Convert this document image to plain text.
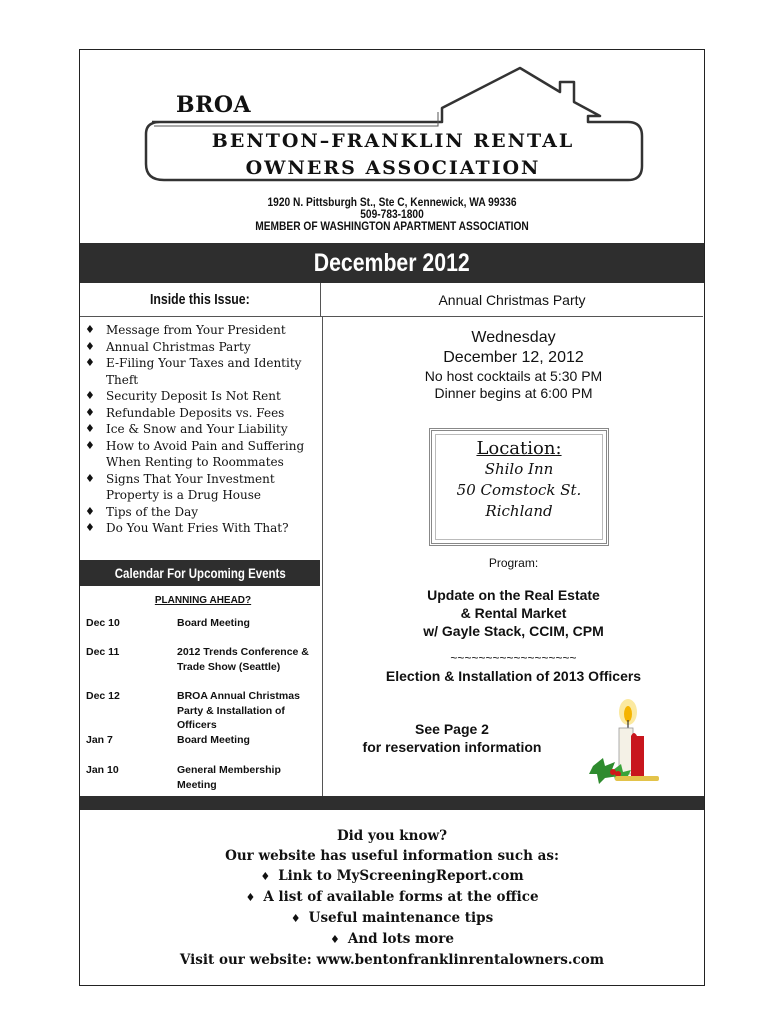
BROA
BENTON–FRANKLIN RENTAL
OWNERS ASSOCIATION
1920 N. Pittsburgh St., Ste C, Kennewick, WA 99336
509-783-1800
MEMBER OF WASHINGTON APARTMENT ASSOCIATION
December 2012
Inside this Issue:	Annual Christmas Party
♦ Message from Your President
♦ Annual Christmas Party
♦ E-Filing Your Taxes and Identity Theft
♦ Security Deposit Is Not Rent
♦ Refundable Deposits vs. Fees
♦ Ice & Snow and Your Liability
♦ How to Avoid Pain and Suffering When Renting to Roommates
♦ Signs That Your Investment Property is a Drug House
♦ Tips of the Day
♦ Do You Want Fries With That?
Calendar For Upcoming Events
PLANNING AHEAD?
Dec 10	Board Meeting
Dec 11	2012 Trends Conference & Trade Show (Seattle)
Dec 12	BROA Annual Christmas Party & Installation of Officers
Jan 7	Board Meeting
Jan 10	General Membership Meeting
Wednesday
December 12, 2012
No host cocktails at 5:30 PM
Dinner begins at 6:00 PM
Location:
Shilo Inn
50 Comstock St.
Richland
Program:
Update on the Real Estate
& Rental Market
w/ Gayle Stack, CCIM, CPM
~~~~~~~~~~~~~~~~~~
Election & Installation of 2013 Officers
See Page 2
for reservation information
Did you know?
Our website has useful information such as:
♦ Link to MyScreeningReport.com
♦ A list of available forms at the office
♦ Useful maintenance tips
♦ And lots more
Visit our website: www.bentonfranklinrentalowners.com
